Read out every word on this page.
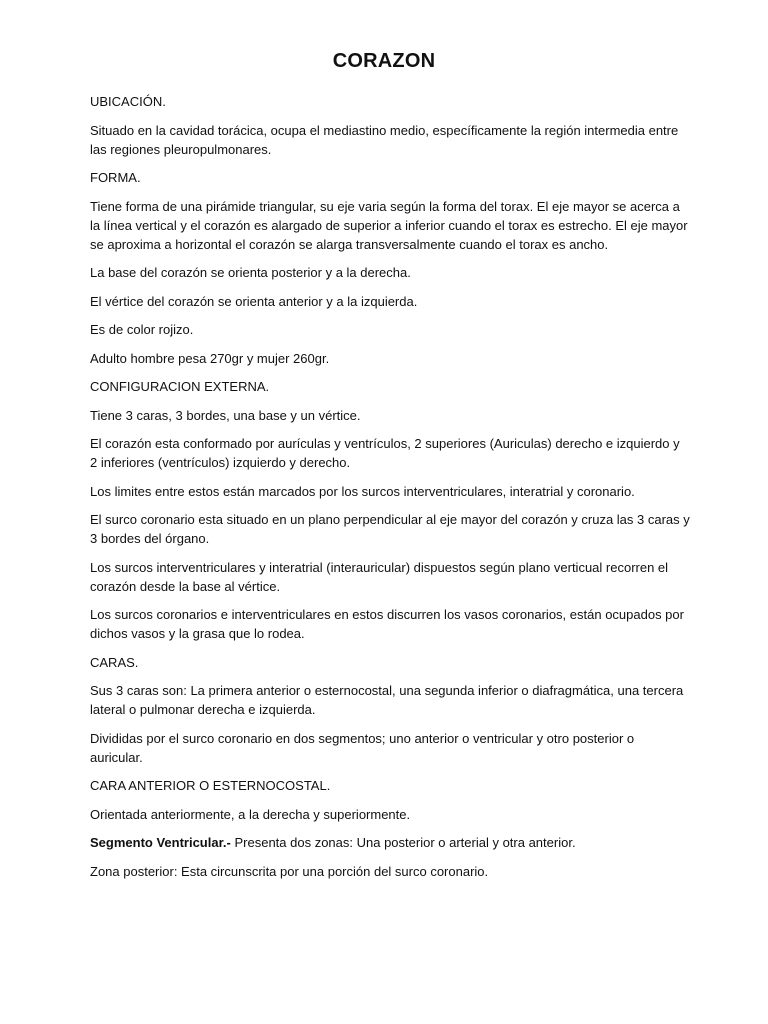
CORAZON

UBICACIÓN.

Situado en la cavidad torácica, ocupa el mediastino medio, específicamente la región intermedia entre las regiones pleuropulmonares.

FORMA.

Tiene forma de una pirámide triangular, su eje varia según la forma del torax. El eje mayor se acerca a la línea vertical y el corazón es alargado de superior a inferior cuando el torax es estrecho. El eje mayor se aproxima a horizontal el corazón se alarga transversalmente cuando el torax es ancho.

La base del corazón se orienta posterior y a la derecha.

El vértice del corazón se orienta anterior y a la izquierda.

Es de color rojizo.

Adulto hombre pesa 270gr y mujer 260gr.

CONFIGURACION EXTERNA.

Tiene 3 caras, 3 bordes, una base y un vértice.

El corazón esta conformado por aurículas y ventrículos, 2 superiores (Auriculas) derecho e izquierdo y 2 inferiores (ventrículos) izquierdo y derecho.

Los limites entre estos están marcados por los surcos interventriculares, interatrial y coronario.

El surco coronario esta situado en un plano perpendicular al eje mayor del corazón y cruza las 3 caras y 3 bordes del órgano.

Los surcos interventriculares y interatrial (interauricular) dispuestos según plano verticual recorren el corazón desde la base al vértice.

Los surcos coronarios e interventriculares en estos discurren los vasos coronarios, están ocupados por dichos vasos y la grasa que lo rodea.

CARAS.

Sus 3 caras son: La primera anterior o esternocostal, una segunda inferior o diafragmática, una tercera lateral o pulmonar derecha e izquierda.

Divididas por el surco coronario en dos segmentos; uno anterior o ventricular y otro posterior o auricular.

CARA ANTERIOR O ESTERNOCOSTAL.

Orientada anteriormente, a la derecha y superiormente.

Segmento Ventricular.- Presenta dos zonas: Una posterior o arterial y otra anterior.

Zona posterior: Esta circunscrita por una porción del surco coronario.
